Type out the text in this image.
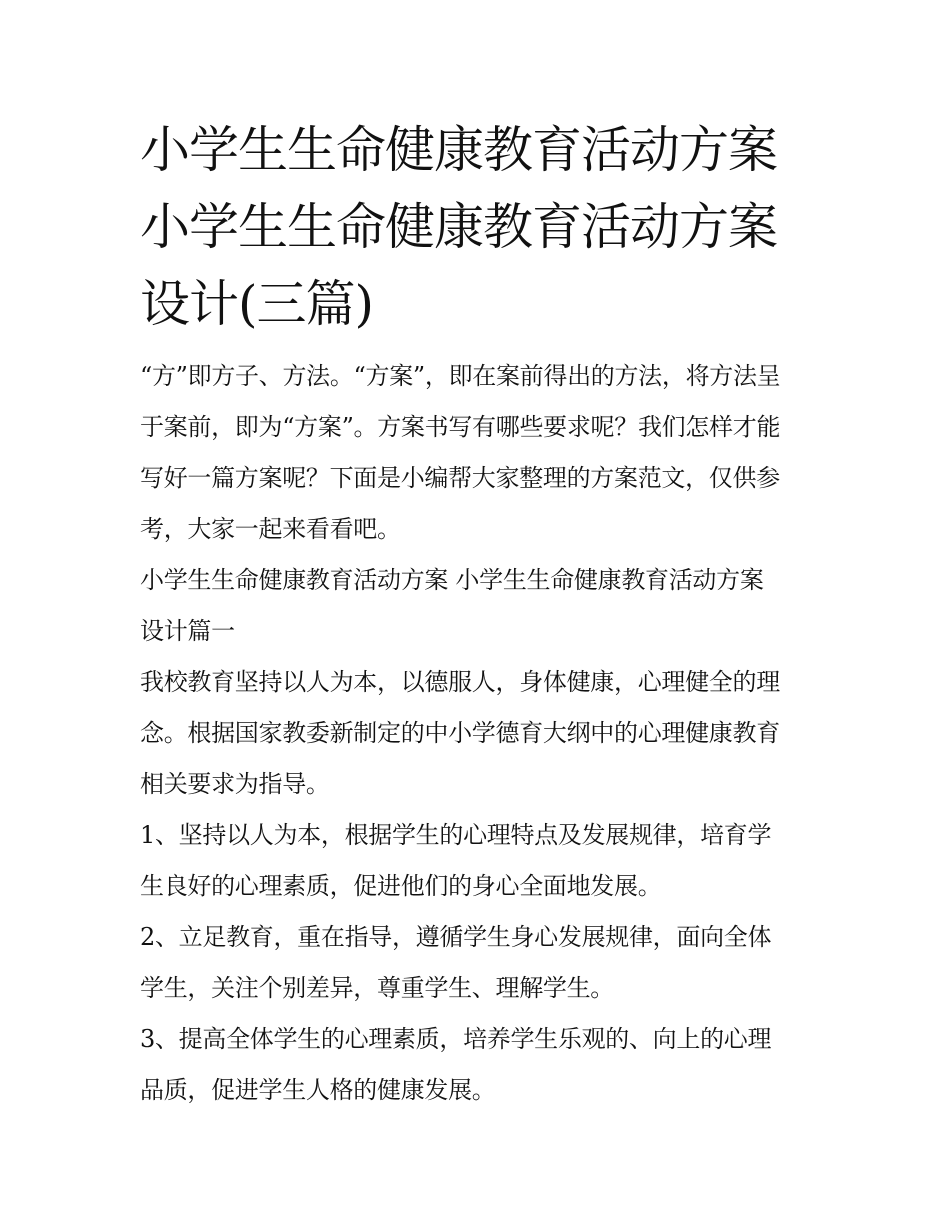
小学生生命健康教育活动方案
小学生生命健康教育活动方案
设计(三篇)

“方”即方子、方法。“方案”，即在案前得出的方法，将方法呈
于案前，即为“方案”。方案书写有哪些要求呢？我们怎样才能
写好一篇方案呢？下面是小编帮大家整理的方案范文，仅供参
考，大家一起来看看吧。

小学生生命健康教育活动方案 小学生生命健康教育活动方案
设计篇一

我校教育坚持以人为本，以德服人，身体健康，心理健全的理
念。根据国家教委新制定的中小学德育大纲中的心理健康教育
相关要求为指导。

1、坚持以人为本，根据学生的心理特点及发展规律，培育学
生良好的心理素质，促进他们的身心全面地发展。

2、立足教育，重在指导，遵循学生身心发展规律，面向全体
学生，关注个别差异，尊重学生、理解学生。

3、提高全体学生的心理素质，培养学生乐观的、向上的心理
品质，促进学生人格的健康发展。
